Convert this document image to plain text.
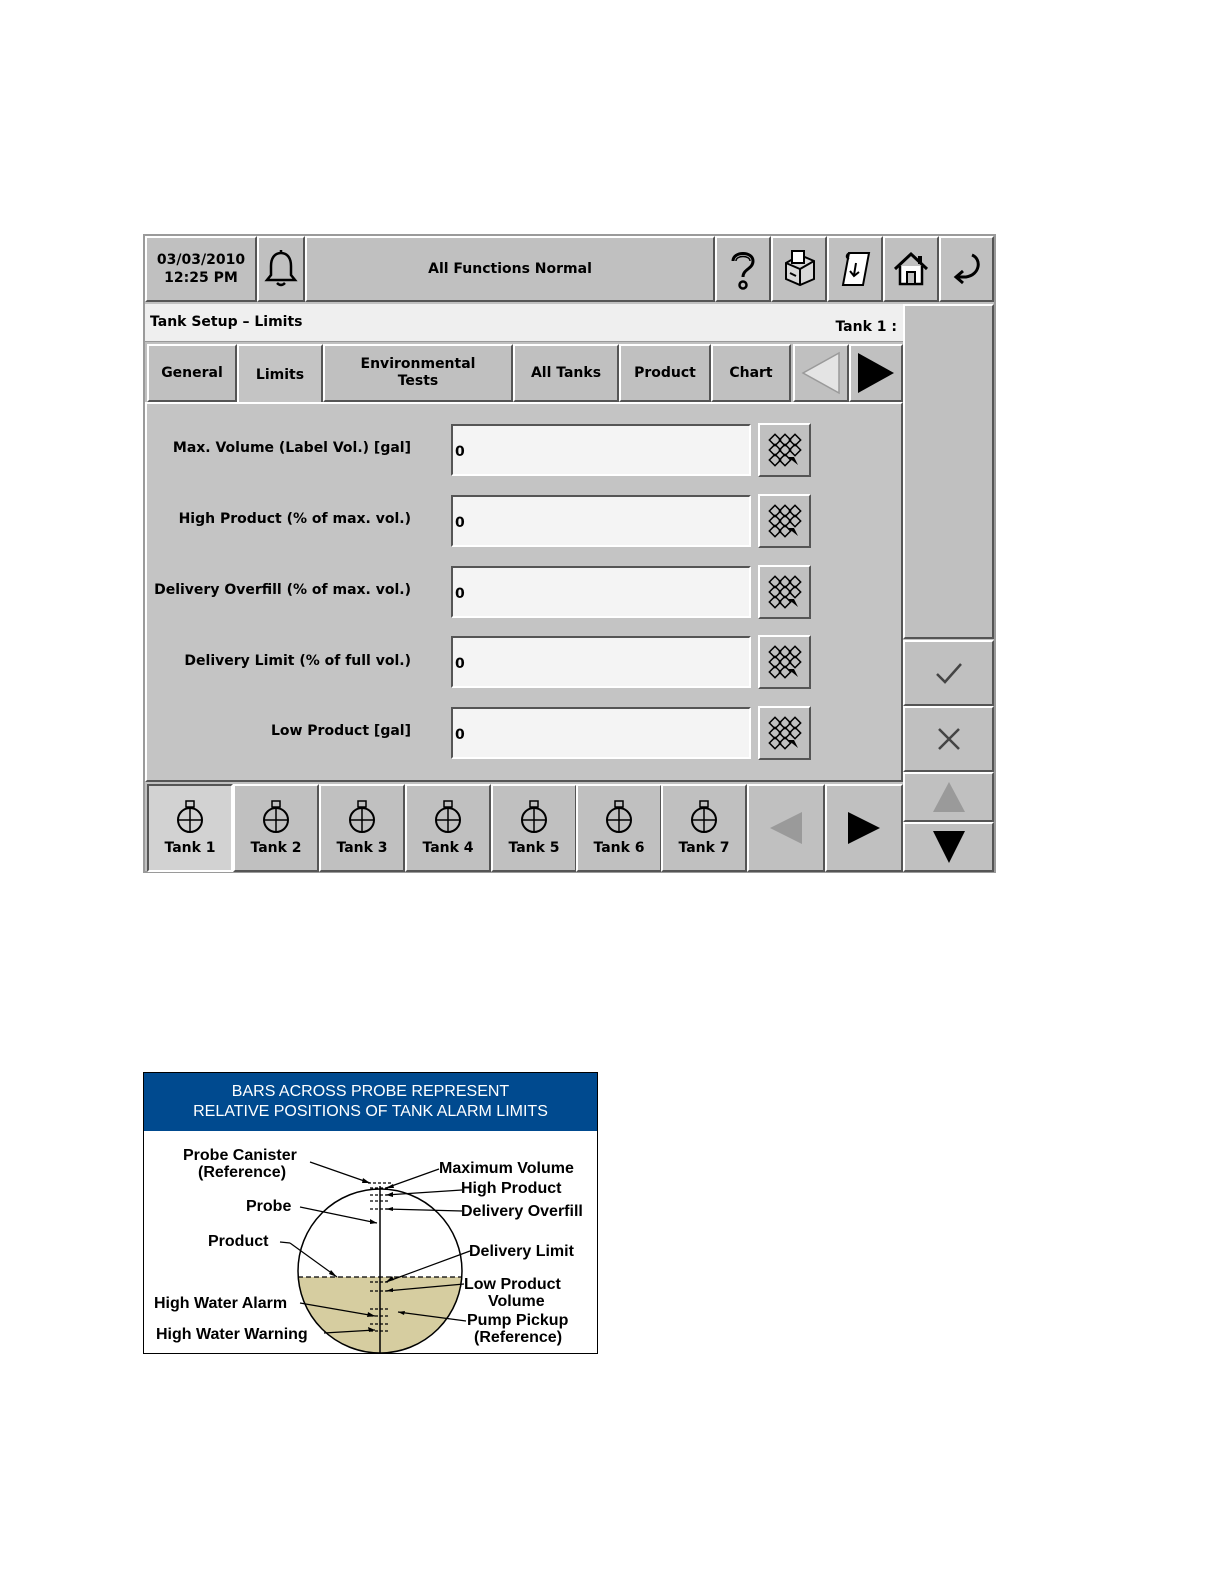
03/03/2010
12:25 PM
All Functions Normal
Tank Setup – Limits	Tank 1 :
General Limits
Environmental
Tests	All Tanks Product Chart
Max. Volume (Label Vol.) [gal]	0
High Product (% of max. vol.)	0
Delivery Overfill (% of max. vol.)	0
Delivery Limit (% of full vol.)	0
Low Product [gal]	0
Tank 1 Tank 2 Tank 3 Tank 4 Tank 5 Tank 6 Tank 7
BARS ACROSS PROBE REPRESENT
RELATIVE POSITIONS OF TANK ALARM LIMITS
Probe Canister
(Reference)
Probe
Product
High Water Alarm
High Water Warning
Maximum Volume
High Product
Delivery Overfill
Delivery Limit
Low Product
Volume
Pump Pickup
(Reference)
